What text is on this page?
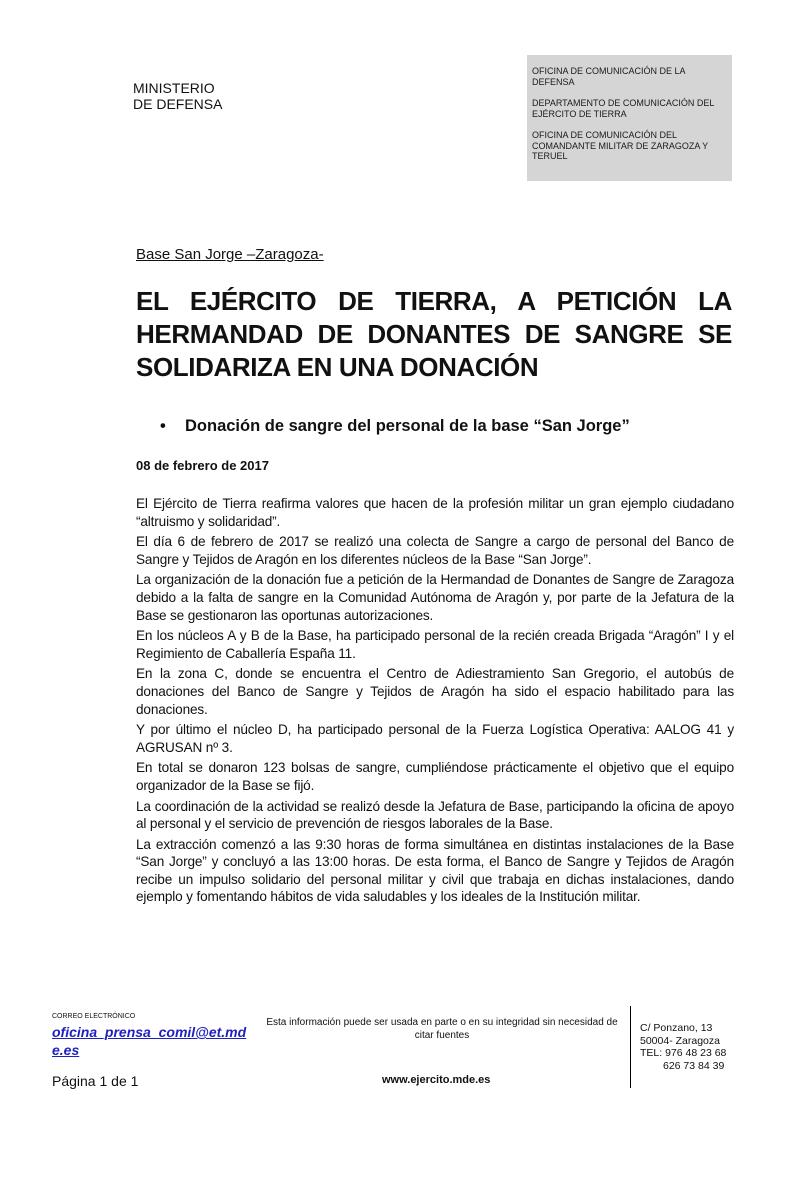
MINISTERIO
DE DEFENSA
OFICINA DE COMUNICACIÓN DE LA DEFENSA
DEPARTAMENTO DE COMUNICACIÓN DEL EJÉRCITO DE TIERRA
OFICINA DE COMUNICACIÓN DEL COMANDANTE MILITAR DE ZARAGOZA Y TERUEL
Base San Jorge –Zaragoza-
EL EJÉRCITO DE TIERRA, A PETICIÓN LA HERMANDAD DE DONANTES DE SANGRE SE SOLIDARIZA EN UNA DONACIÓN
• Donación de sangre del personal de la base “San Jorge”
08 de febrero de 2017

El Ejército de Tierra reafirma valores que hacen de la profesión militar un gran ejemplo ciudadano “altruismo y solidaridad”.

El día 6 de febrero de 2017 se realizó una colecta de Sangre a cargo de personal del Banco de Sangre y Tejidos de Aragón en los diferentes núcleos de la Base “San Jorge”.

La organización de la donación fue a petición de la Hermandad de Donantes de Sangre de Zaragoza debido a la falta de sangre en la Comunidad Autónoma de Aragón y, por parte de la Jefatura de la Base se gestionaron las oportunas autorizaciones.

En los núcleos A y B de la Base, ha participado personal de la recién creada Brigada “Aragón” I y el Regimiento de Caballería España 11.

En la zona C, donde se encuentra el Centro de Adiestramiento San Gregorio, el autobús de donaciones del Banco de Sangre y Tejidos de Aragón ha sido el espacio habilitado para las donaciones.

Y por último el núcleo D, ha participado personal de la Fuerza Logística Operativa: AALOG 41 y AGRUSAN nº 3.

En total se donaron 123 bolsas de sangre, cumpliéndose prácticamente el objetivo que el equipo organizador de la Base se fijó.

La coordinación de la actividad se realizó desde la Jefatura de Base, participando la oficina de apoyo al personal y el servicio de prevención de riesgos laborales de la Base.

La extracción comenzó a las 9:30 horas de forma simultánea en distintas instalaciones de la Base “San Jorge” y concluyó a las 13:00 horas. De esta forma, el Banco de Sangre y Tejidos de Aragón recibe un impulso solidario del personal militar y civil que trabaja en dichas instalaciones, dando ejemplo y fomentando hábitos de vida saludables y los ideales de la Institución militar.

CORREO ELECTRÓNICO
oficina_prensa_comil@et.mde.es
Esta información puede ser usada en parte o en su integridad sin necesidad de citar fuentes
C/ Ponzano, 13
50004- Zaragoza
TEL: 976 48 23 68
626 73 84 39
Página 1 de 1	www.ejercito.mde.es
